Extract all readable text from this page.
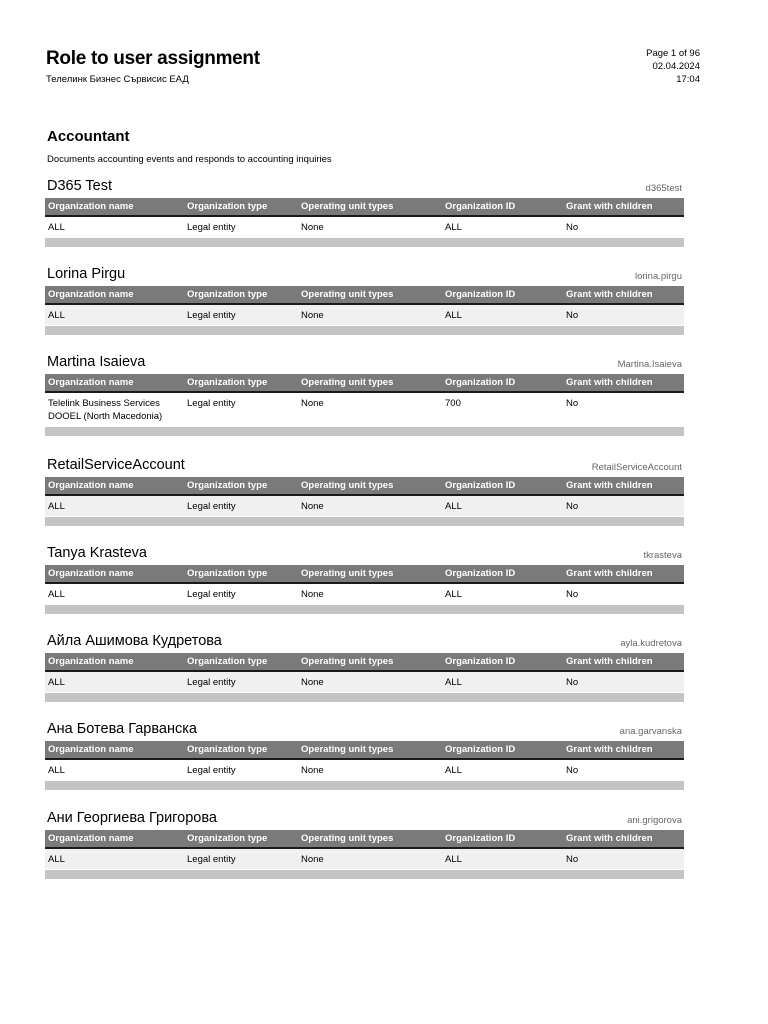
Role to user assignment
Телелинк Бизнес Сървисис ЕАД
Page 1 of 96
02.04.2024
17:04
Accountant
Documents accounting events and responds to accounting inquiries
D365 Test	d365test
Organization name	Organization type	Operating unit types	Organization ID	Grant with children
ALL	Legal entity	None	ALL	No
Lorina Pirgu	lorina.pirgu
Organization name	Organization type	Operating unit types	Organization ID	Grant with children
ALL	Legal entity	None	ALL	No
Martina Isaieva	Martina.Isaieva
Organization name	Organization type	Operating unit types	Organization ID	Grant with children
Telelink Business Services DOOEL (North Macedonia)	Legal entity	None	700	No
RetailServiceAccount	RetailServiceAccount
Organization name	Organization type	Operating unit types	Organization ID	Grant with children
ALL	Legal entity	None	ALL	No
Tanya Krasteva	tkrasteva
Organization name	Organization type	Operating unit types	Organization ID	Grant with children
ALL	Legal entity	None	ALL	No
Айла Ашимова Кудретова	ayla.kudretova
Organization name	Organization type	Operating unit types	Organization ID	Grant with children
ALL	Legal entity	None	ALL	No
Ана Ботева Гарванска	ana.garvanska
Organization name	Organization type	Operating unit types	Organization ID	Grant with children
ALL	Legal entity	None	ALL	No
Ани Георгиева Григорова	ani.grigorova
Organization name	Organization type	Operating unit types	Organization ID	Grant with children
ALL	Legal entity	None	ALL	No
